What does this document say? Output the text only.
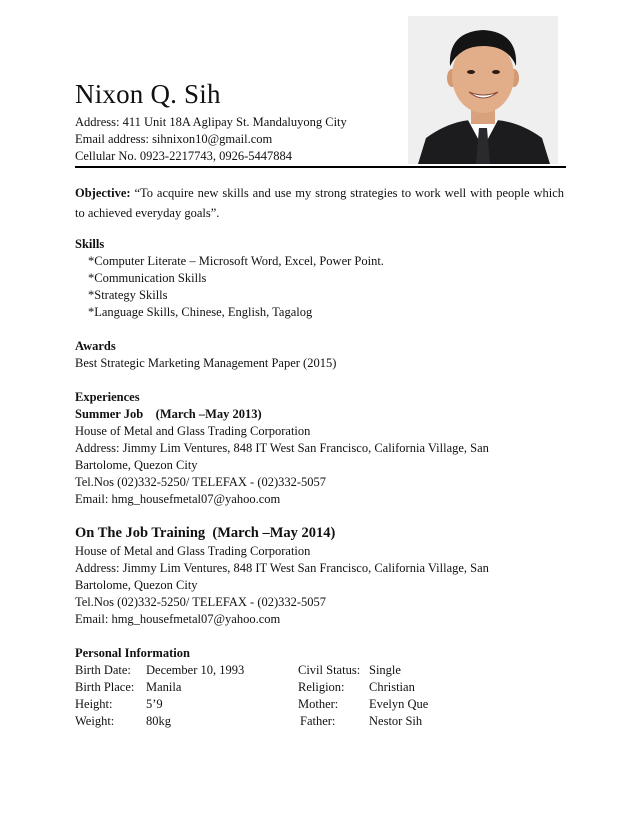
Nixon Q. Sih
Address: 411 Unit 18A Aglipay St. Mandaluyong City
Email address: sihnixon10@gmail.com
Cellular No. 0923-2217743, 0926-5447884
Objective: “To acquire new skills and use my strong strategies to work well with people which to achieved everyday goals”.
Skills
*Computer Literate – Microsoft Word, Excel, Power Point.
*Communication Skills
*Strategy Skills
*Language Skills, Chinese, English, Tagalog
Awards
Best Strategic Marketing Management Paper (2015)
Experiences
Summer Job    (March –May 2013)
House of Metal and Glass Trading Corporation
Address: Jimmy Lim Ventures, 848 IT West San Francisco, California Village, San
Bartolome, Quezon City
Tel.Nos (02)332-5250/ TELEFAX - (02)332-5057
Email: hmg_housefmetal07@yahoo.com
On The Job Training  (March –May 2014)
House of Metal and Glass Trading Corporation
Address: Jimmy Lim Ventures, 848 IT West San Francisco, California Village, San
Bartolome, Quezon City
Tel.Nos (02)332-5250/ TELEFAX - (02)332-5057
Email: hmg_housefmetal07@yahoo.com
Personal Information
Birth Date: December 10, 1993	Civil Status: Single
Birth Place: Manila	Religion: Christian
Height:	5’9	Mother: Evelyn Que
Weight:	80kg	Father:	Nestor Sih
